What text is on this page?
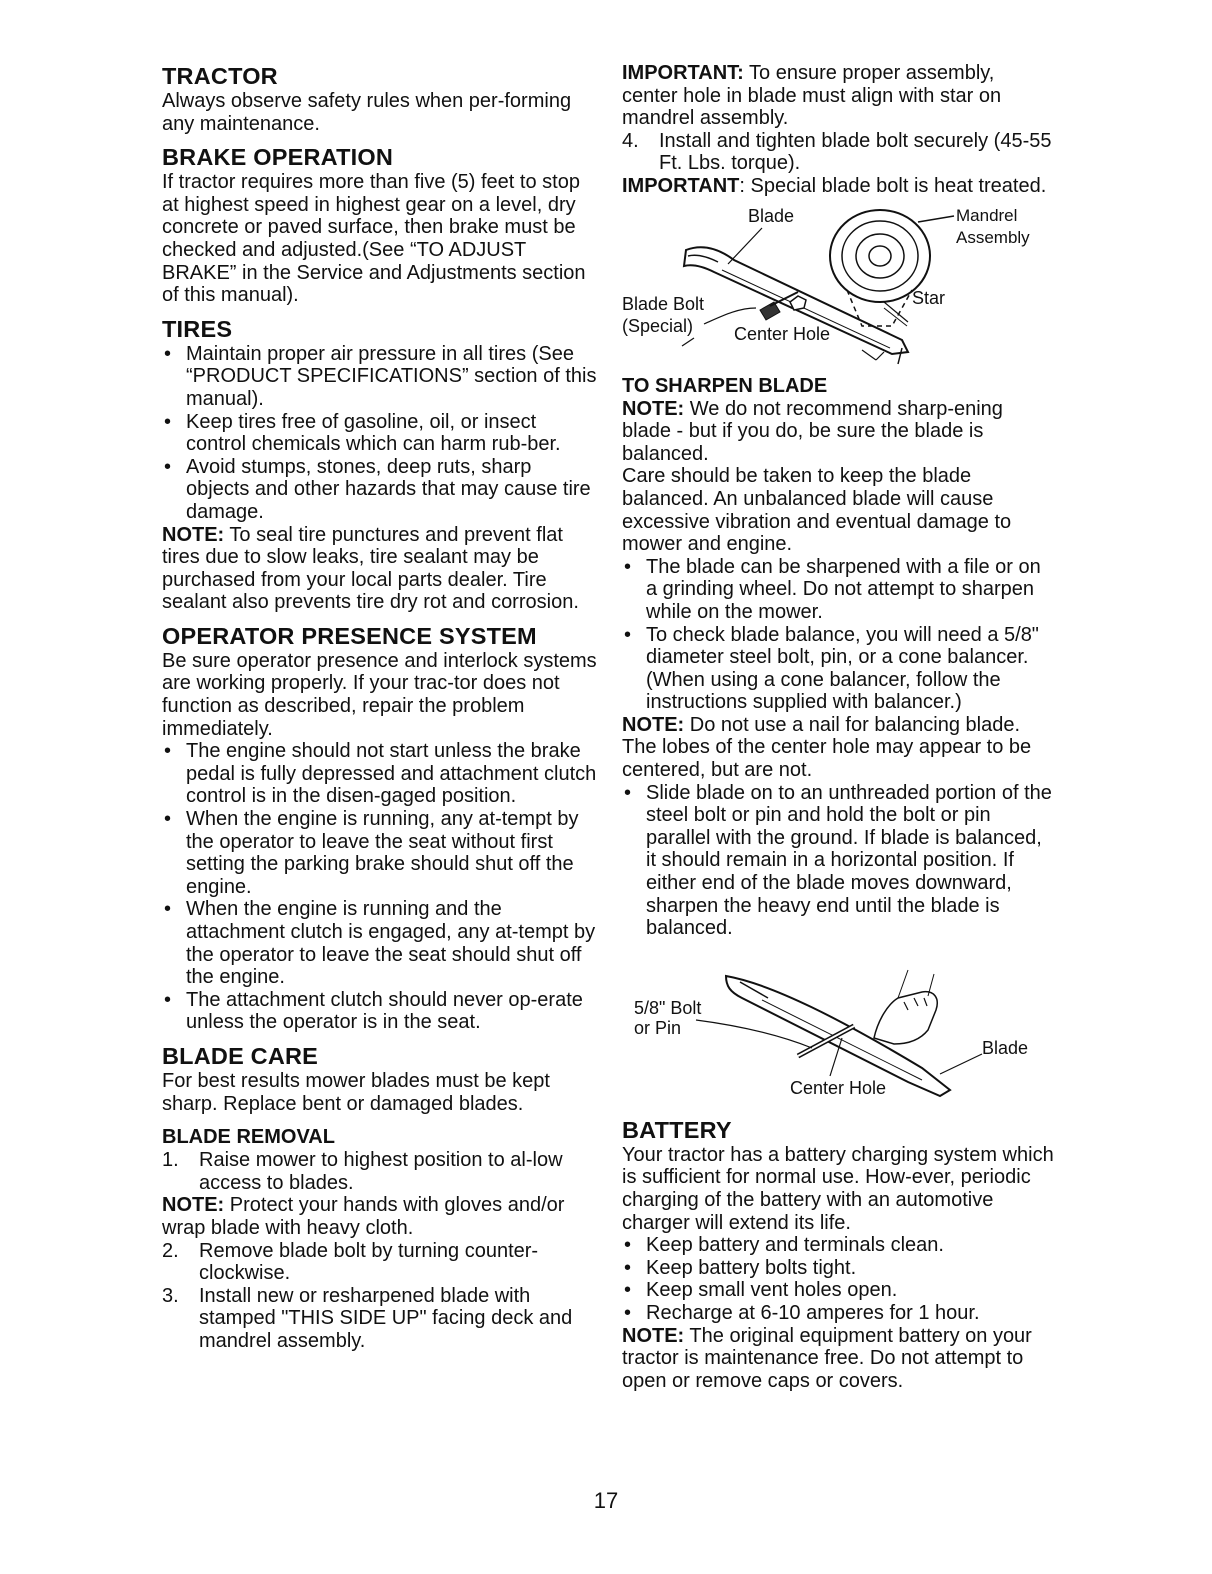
TRACTOR
Always observe safety rules when per-forming any maintenance.
BRAKE OPERATION
If tractor requires more than five (5) feet to stop at highest speed in highest gear on a level, dry concrete or paved surface, then brake must be checked and adjusted.(See “TO ADJUST BRAKE” in the Service and Adjustments section of this manual).
TIRES
• Maintain proper air pressure in all tires (See “PRODUCT SPECIFICATIONS” section of this manual).
• Keep tires free of gasoline, oil, or insect control chemicals which can harm rub-ber.
• Avoid stumps, stones, deep ruts, sharp objects and other hazards that may cause tire damage.
NOTE: To seal tire punctures and prevent flat tires due to slow leaks, tire sealant may be purchased from your local parts dealer. Tire sealant also prevents tire dry rot and corrosion.
OPERATOR PRESENCE SYSTEM
Be sure operator presence and interlock systems are working properly. If your trac-tor does not function as described, repair the problem immediately.
• The engine should not start unless the brake pedal is fully depressed and attachment clutch control is in the disen-gaged position.
• When the engine is running, any at-tempt by the operator to leave the seat without first setting the parking brake should shut off the engine.
• When the engine is running and the attachment clutch is engaged, any at-tempt by the operator to leave the seat should shut off the engine.
• The attachment clutch should never op-erate unless the operator is in the seat.
BLADE CARE
For best results mower blades must be kept sharp. Replace bent or damaged blades.
BLADE REMOVAL
1. Raise mower to highest position to al-low access to blades.
NOTE: Protect your hands with gloves and/or wrap blade with heavy cloth.
2. Remove blade bolt by turning counter-clockwise.
3. Install new or resharpened blade with stamped "THIS SIDE UP" facing deck and mandrel assembly.
IMPORTANT: To ensure proper assembly, center hole in blade must align with star on mandrel assembly.
4. Install and tighten blade bolt securely (45-55 Ft. Lbs. torque).
IMPORTANT: Special blade bolt is heat treated.
Blade	Mandrel
Assembly
Blade Bolt
(Special) Center Hole
Star
TO SHARPEN BLADE
NOTE: We do not recommend sharp-ening blade - but if you do, be sure the blade is balanced.
Care should be taken to keep the blade balanced. An unbalanced blade will cause excessive vibration and eventual damage to mower and engine.
• The blade can be sharpened with a file or on a grinding wheel. Do not attempt to sharpen while on the mower.
• To check blade balance, you will need a 5/8" diameter steel bolt, pin, or a cone balancer. (When using a cone balancer, follow the instructions supplied with balancer.)
NOTE: Do not use a nail for balancing blade. The lobes of the center hole may appear to be centered, but are not.
• Slide blade on to an unthreaded portion of the steel bolt or pin and hold the bolt or pin parallel with the ground. If blade is balanced, it should remain in a horizontal position. If either end of the blade moves downward, sharpen the heavy end until the blade is balanced.
5/8" Bolt
or Pin
Blade
Center Hole
BATTERY
Your tractor has a battery charging system which is sufficient for normal use. How-ever, periodic charging of the battery with an automotive charger will extend its life.
• Keep battery and terminals clean.
• Keep battery bolts tight.
• Keep small vent holes open.
• Recharge at 6-10 amperes for 1 hour.
NOTE: The original equipment battery on your tractor is maintenance free. Do not attempt to open or remove caps or covers.
17
